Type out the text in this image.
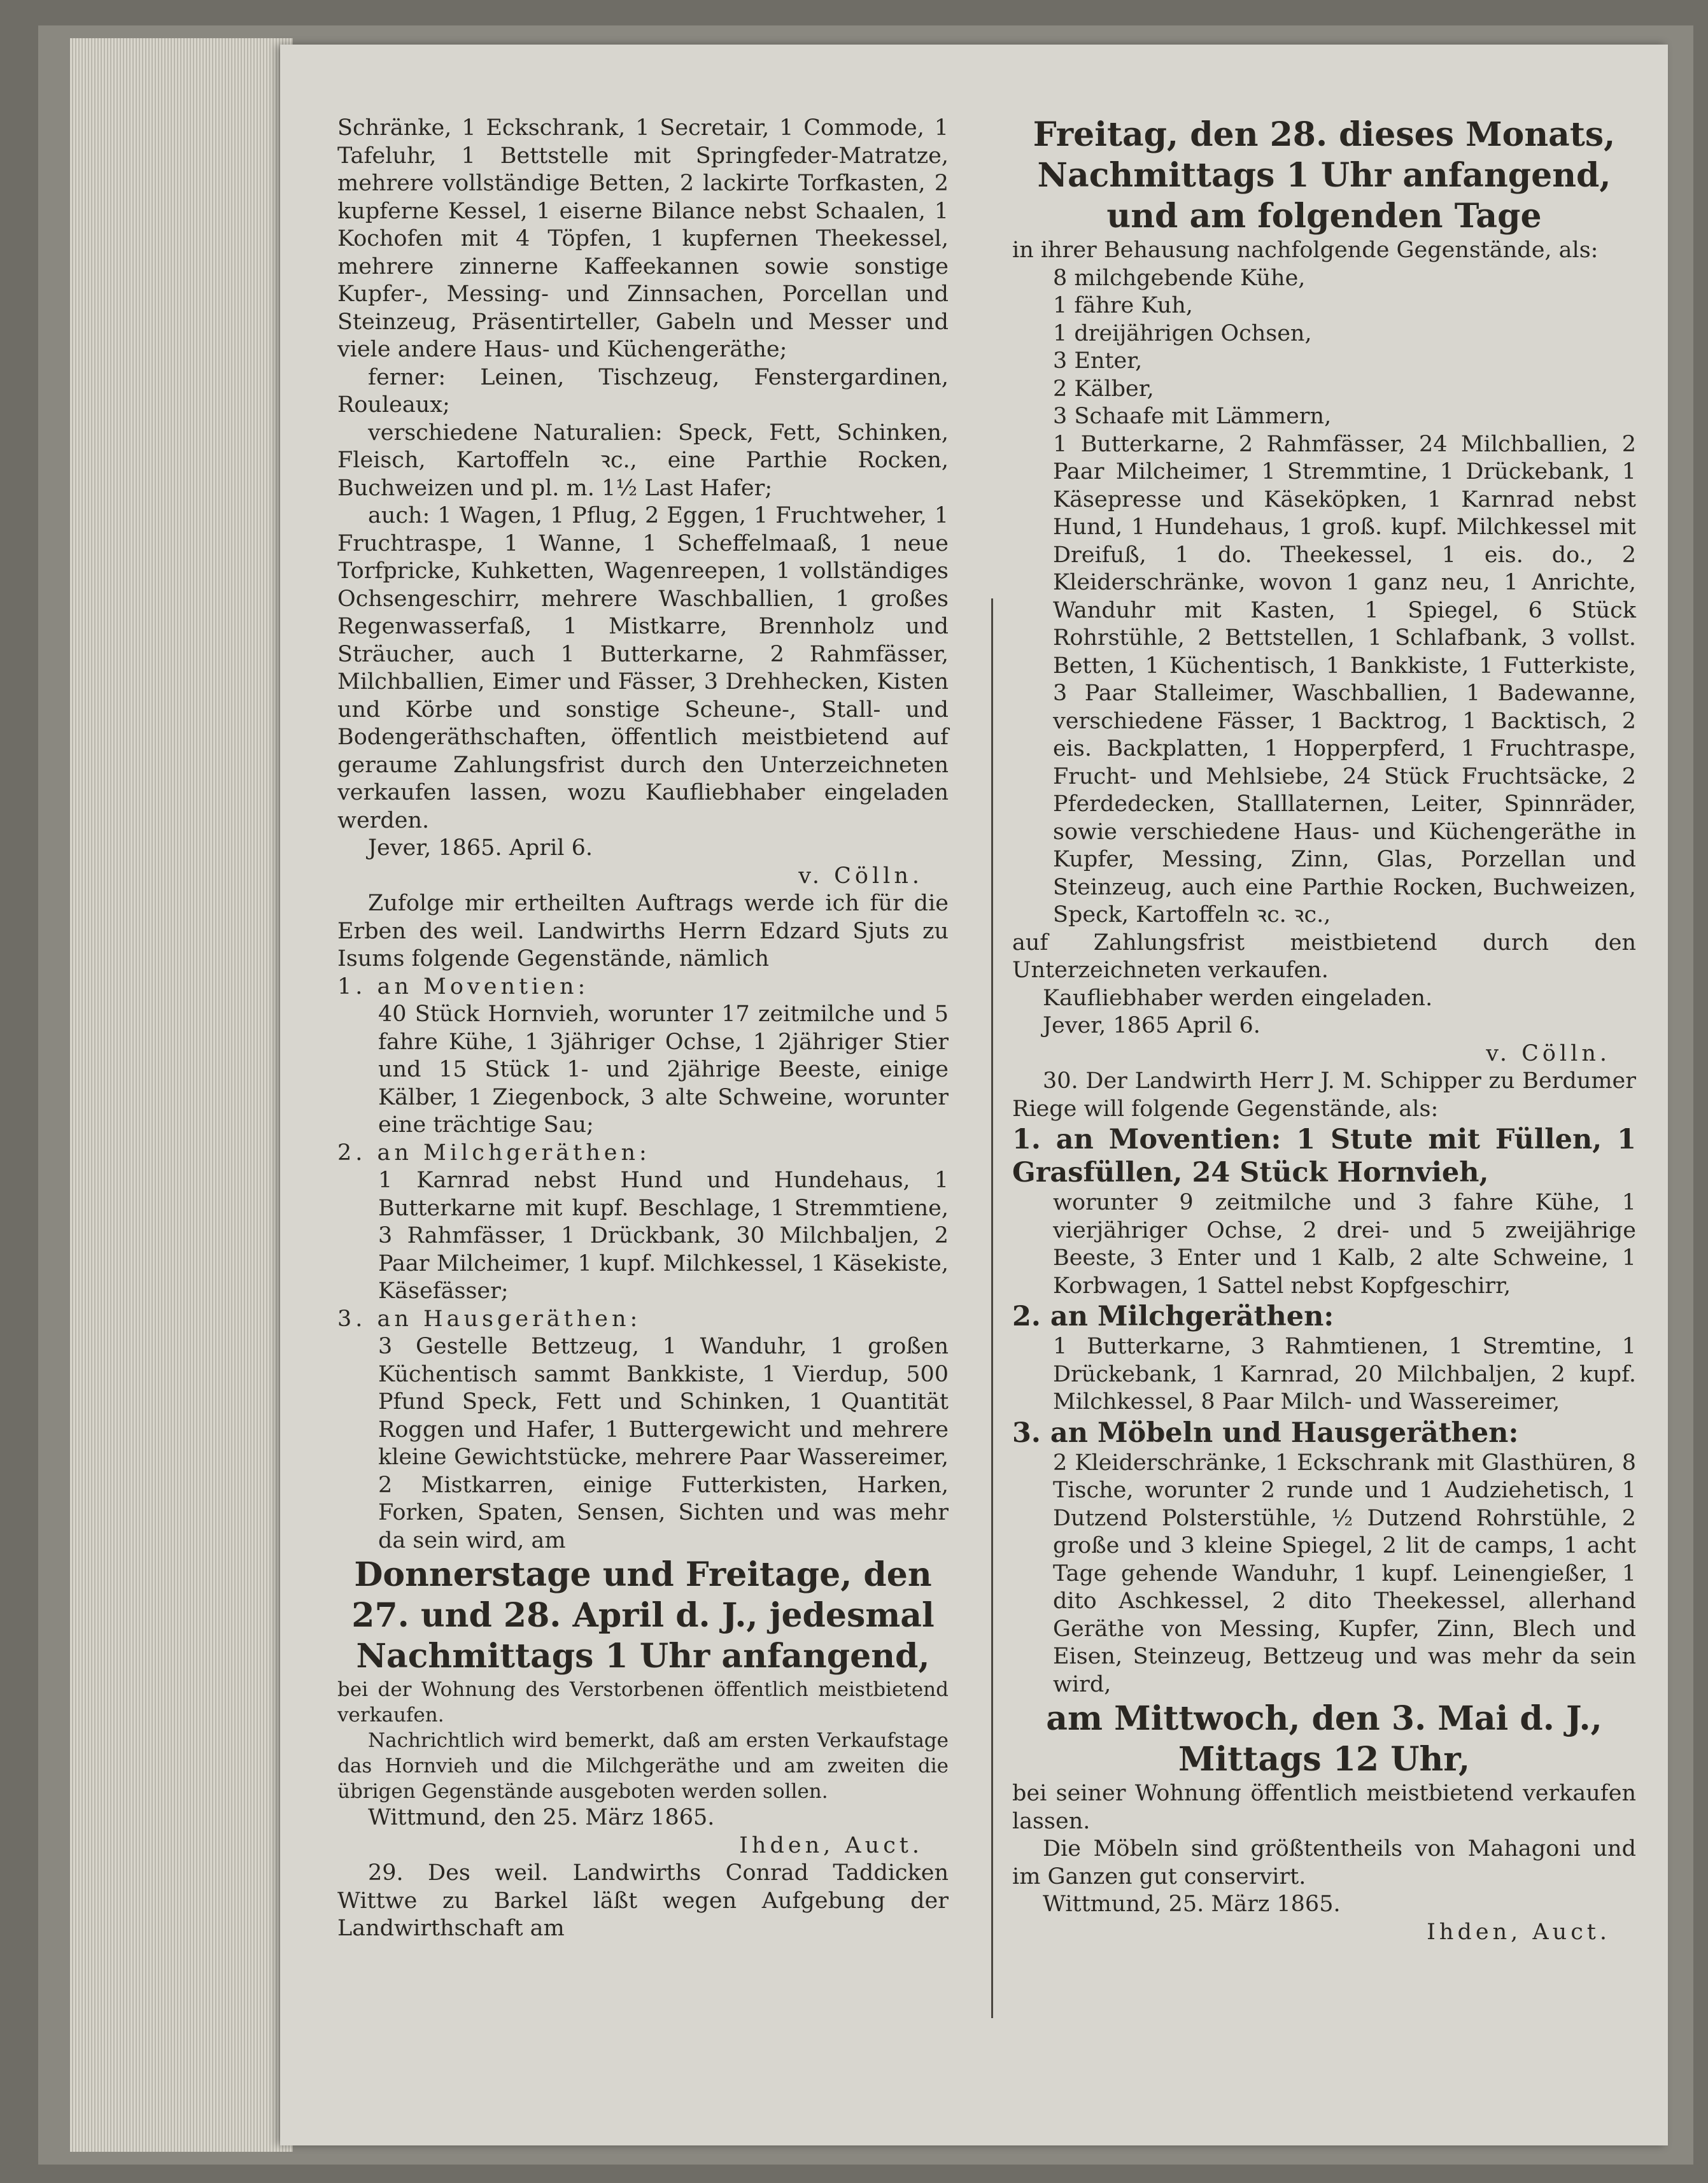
Schränke, 1 Eckschrank, 1 Secretair, 1 Commode, 1 Tafeluhr, 1 Bettstelle mit Springfeder-Matratze, mehrere vollständige Betten, 2 lackirte Torfkasten, 2 kupferne Kessel, 1 eiserne Bilance nebst Schaalen, 1 Kochofen mit 4 Töpfen, 1 kupfernen Theekessel, mehrere zinnerne Kaffeekannen sowie sonstige Kupfer-, Messing- und Zinnsachen, Porcellan und Steinzeug, Präsentirteller, Gabeln und Messer und viele andere Haus- und Küchengeräthe;

ferner: Leinen, Tischzeug, Fenstergardinen, Rouleaux;

verschiedene Naturalien: Speck, Fett, Schinken, Fleisch, Kartoffeln ꝛc., eine Parthie Rocken, Buchweizen und pl. m. 1½ Last Hafer;

auch: 1 Wagen, 1 Pflug, 2 Eggen, 1 Fruchtweher, 1 Fruchtraspe, 1 Wanne, 1 Scheffelmaaß, 1 neue Torfpricke, Kuhketten, Wagenreepen, 1 vollständiges Ochsengeschirr, mehrere Waschballien, 1 großes Regenwasserfaß, 1 Mistkarre, Brennholz und Sträucher, auch 1 Butterkarne, 2 Rahmfässer, Milchballien, Eimer und Fässer, 3 Drehhecken, Kisten und Körbe und sonstige Scheune-, Stall- und Bodengeräthschaften, öffentlich meistbietend auf geraume Zahlungsfrist durch den Unterzeichneten verkaufen lassen, wozu Kaufliebhaber eingeladen werden.

Jever, 1865. April 6.

v. Cölln.

Zufolge mir ertheilten Auftrags werde ich für die Erben des weil. Landwirths Herrn Edzard Sjuts zu Isums folgende Gegenstände, nämlich

1. an Moventien:

40 Stück Hornvieh, worunter 17 zeitmilche und 5 fahre Kühe, 1 3jähriger Ochse, 1 2jähriger Stier und 15 Stück 1- und 2jährige Beeste, einige Kälber, 1 Ziegenbock, 3 alte Schweine, worunter eine trächtige Sau;

2. an Milchgeräthen:

1 Karnrad nebst Hund und Hundehaus, 1 Butterkarne mit kupf. Beschlage, 1 Stremmtiene, 3 Rahmfässer, 1 Drückbank, 30 Milchbaljen, 2 Paar Milcheimer, 1 kupf. Milchkessel, 1 Käsekiste, Käsefässer;

3. an Hausgeräthen:

3 Gestelle Bettzeug, 1 Wanduhr, 1 großen Küchentisch sammt Bankkiste, 1 Vierdup, 500 Pfund Speck, Fett und Schinken, 1 Quantität Roggen und Hafer, 1 Buttergewicht und mehrere kleine Gewichtstücke, mehrere Paar Wassereimer, 2 Mistkarren, einige Futterkisten, Harken, Forken, Spaten, Sensen, Sichten und was mehr da sein wird, am

Donnerstage und Freitage, den 27. und 28. April d. J., jedesmal Nachmittags 1 Uhr anfangend,

bei der Wohnung des Verstorbenen öffentlich meistbietend verkaufen.

Nachrichtlich wird bemerkt, daß am ersten Verkaufstage das Hornvieh und die Milchgeräthe und am zweiten die übrigen Gegenstände ausgeboten werden sollen.

Wittmund, den 25. März 1865.

Ihden, Auct.

29. Des weil. Landwirths Conrad Taddicken Wittwe zu Barkel läßt wegen Aufgebung der Landwirthschaft am

Freitag, den 28. dieses Monats, Nachmittags 1 Uhr anfangend, und am folgenden Tage

in ihrer Behausung nachfolgende Gegenstände, als:

8 milchgebende Kühe,

1 fähre Kuh,

1 dreijährigen Ochsen,

3 Enter,

2 Kälber,

3 Schaafe mit Lämmern,

1 Butterkarne, 2 Rahmfässer, 24 Milchballien, 2 Paar Milcheimer, 1 Stremmtine, 1 Drückebank, 1 Käsepresse und Käseköpken, 1 Karnrad nebst Hund, 1 Hundehaus, 1 groß. kupf. Milchkessel mit Dreifuß, 1 do. Theekessel, 1 eis. do., 2 Kleiderschränke, wovon 1 ganz neu, 1 Anrichte, Wanduhr mit Kasten, 1 Spiegel, 6 Stück Rohrstühle, 2 Bettstellen, 1 Schlafbank, 3 vollst. Betten, 1 Küchentisch, 1 Bankkiste, 1 Futterkiste, 3 Paar Stalleimer, Waschballien, 1 Badewanne, verschiedene Fässer, 1 Backtrog, 1 Backtisch, 2 eis. Backplatten, 1 Hopperpferd, 1 Fruchtraspe, Frucht- und Mehlsiebe, 24 Stück Fruchtsäcke, 2 Pferdedecken, Stalllaternen, Leiter, Spinnräder, sowie verschiedene Haus- und Küchengeräthe in Kupfer, Messing, Zinn, Glas, Porzellan und Steinzeug, auch eine Parthie Rocken, Buchweizen, Speck, Kartoffeln ꝛc. ꝛc.,

auf Zahlungsfrist meistbietend durch den Unterzeichneten verkaufen.

Kaufliebhaber werden eingeladen.

Jever, 1865 April 6.

v. Cölln.

30. Der Landwirth Herr J. M. Schipper zu Berdumer Riege will folgende Gegenstände, als:

1. an Moventien: 1 Stute mit Füllen, 1 Grasfüllen, 24 Stück Hornvieh,

worunter 9 zeitmilche und 3 fahre Kühe, 1 vierjähriger Ochse, 2 drei- und 5 zweijährige Beeste, 3 Enter und 1 Kalb, 2 alte Schweine, 1 Korbwagen, 1 Sattel nebst Kopfgeschirr,

2. an Milchgeräthen:

1 Butterkarne, 3 Rahmtienen, 1 Stremtine, 1 Drückebank, 1 Karnrad, 20 Milchbaljen, 2 kupf. Milchkessel, 8 Paar Milch- und Wassereimer,

3. an Möbeln und Hausgeräthen:

2 Kleiderschränke, 1 Eckschrank mit Glasthüren, 8 Tische, worunter 2 runde und 1 Audziehetisch, 1 Dutzend Polsterstühle, ½ Dutzend Rohrstühle, 2 große und 3 kleine Spiegel, 2 lit de camps, 1 acht Tage gehende Wanduhr, 1 kupf. Leinengießer, 1 dito Aschkessel, 2 dito Theekessel, allerhand Geräthe von Messing, Kupfer, Zinn, Blech und Eisen, Steinzeug, Bettzeug und was mehr da sein wird,

am Mittwoch, den 3. Mai d. J., Mittags 12 Uhr,

bei seiner Wohnung öffentlich meistbietend verkaufen lassen.

Die Möbeln sind größtentheils von Mahagoni und im Ganzen gut conservirt.

Wittmund, 25. März 1865.

Ihden, Auct.
